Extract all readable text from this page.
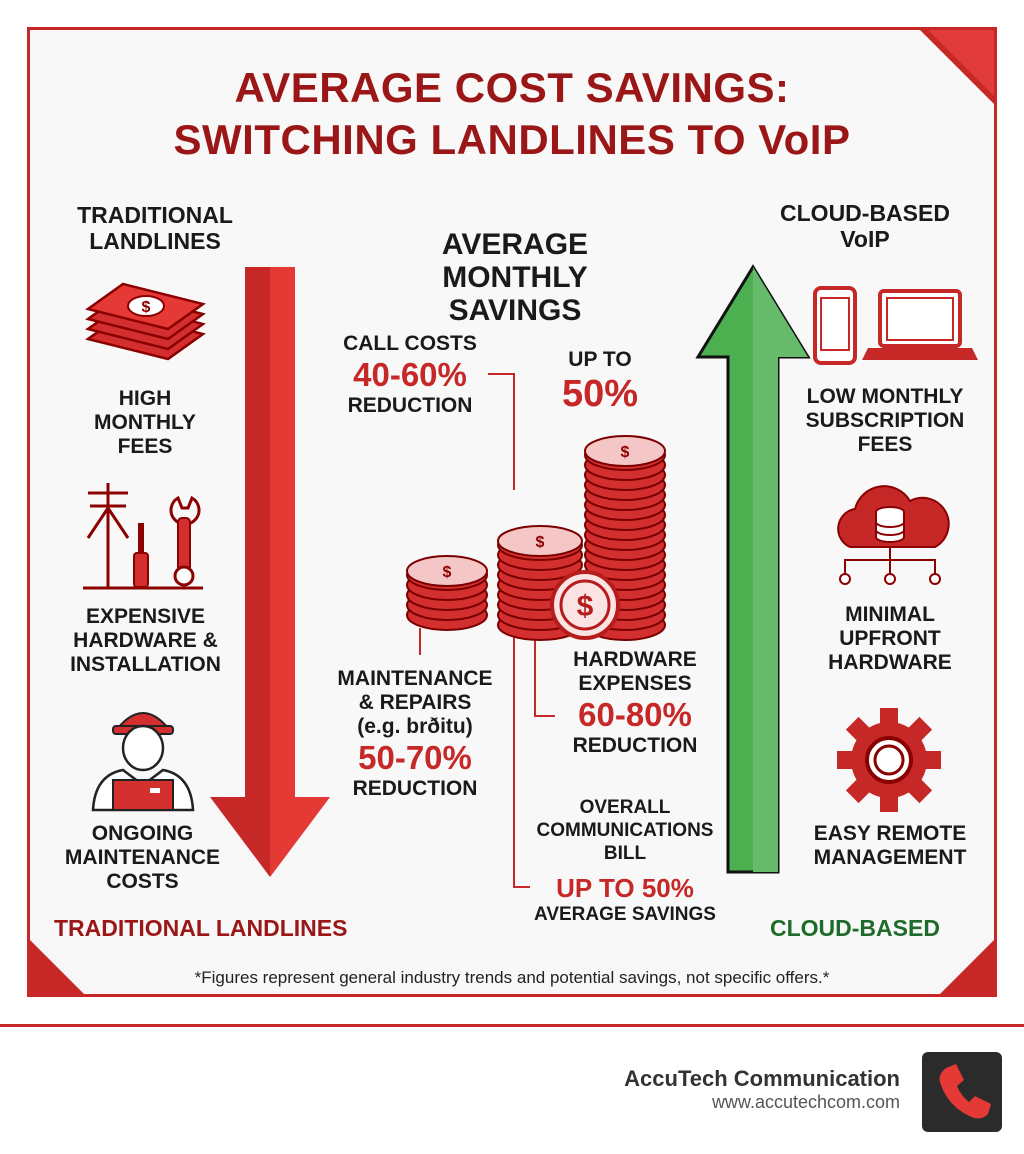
AVERAGE COST SAVINGS:
SWITCHING LANDLINES TO VoIP
TRADITIONAL
LANDLINES
$
HIGH
MONTHLY
FEES
EXPENSIVE
HARDWARE &
INSTALLATION
ONGOING
MAINTENANCE
COSTS
TRADITIONAL LANDLINES
AVERAGE
MONTHLY
SAVINGS
CALL COSTS
40-60%
REDUCTION
UP TO
50%
$
$
$
$
MAINTENANCE
& REPAIRS
(e.g. brðitu)
50-70%
REDUCTION
HARDWARE
EXPENSES
60-80%
REDUCTION
OVERALL
COMMUNICATIONS
BILL
UP TO 50%
AVERAGE SAVINGS
CLOUD-BASED
VoIP
LOW MONTHLY
SUBSCRIPTION
FEES
MINIMAL
UPFRONT
HARDWARE
EASY REMOTE
MANAGEMENT
CLOUD-BASED
*Figures represent general industry trends and potential savings, not specific offers.*
AccuTech Communication
www.accutechcom.com
